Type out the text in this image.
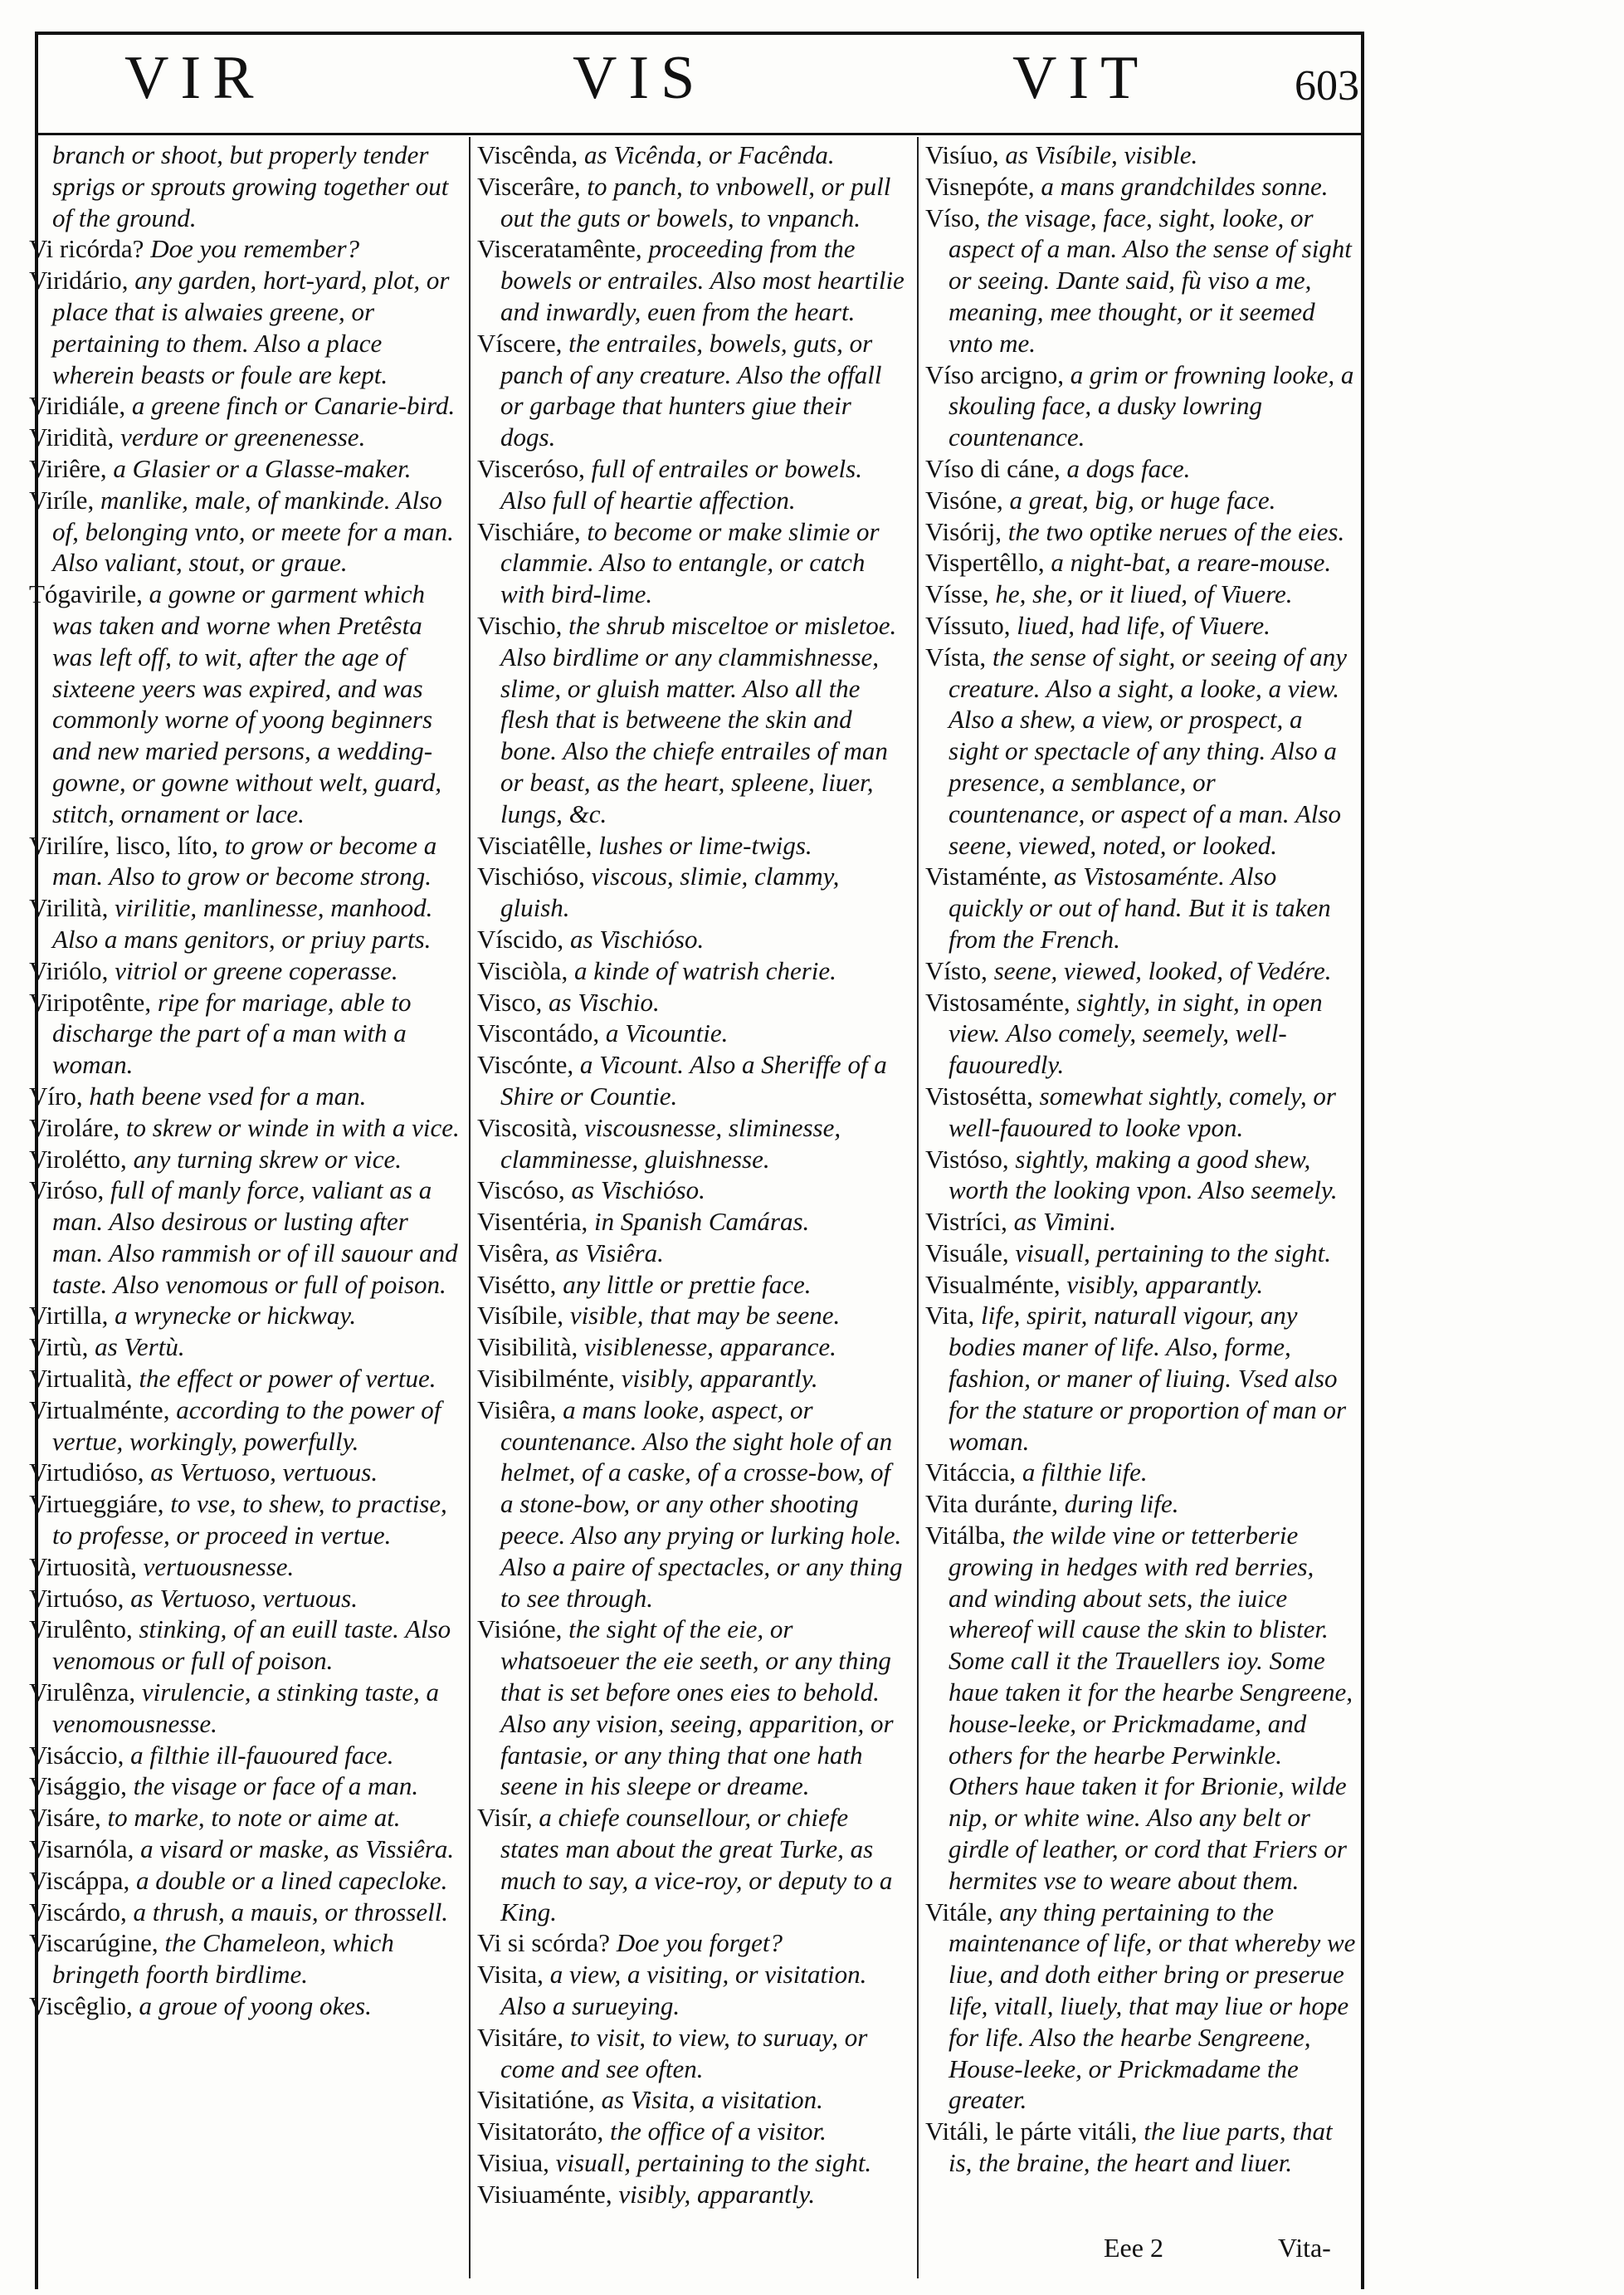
VIR	VIS	VIT	603

branch or shoot, but properly tender sprigs or sprouts growing together out of the ground.

Vi ricórda? Doe you remember?

Viridário, any garden, hort-yard, plot, or place that is alwaies greene, or pertaining to them. Also a place wherein beasts or foule are kept.

Viridiále, a greene finch or Canarie-bird.

Viridità, verdure or greenenesse.

Viriêre, a Glasier or a Glasse-maker.

Viríle, manlike, male, of mankinde. Also of, belonging vnto, or meete for a man. Also valiant, stout, or graue.

Tógavirile, a gowne or garment which was taken and worne when Pretêsta was left off, to wit, after the age of sixteene yeers was expired, and was commonly worne of yoong beginners and new maried persons, a wedding-gowne, or gowne without welt, guard, stitch, ornament or lace.

Virilíre, lisco, líto, to grow or become a man. Also to grow or become strong.

Virilità, virilitie, manlinesse, manhood. Also a mans genitors, or priuy parts.

Viriólo, vitriol or greene coperasse.

Viripotênte, ripe for mariage, able to discharge the part of a man with a woman.

Víro, hath beene vsed for a man.

Viroláre, to skrew or winde in with a vice.

Virolétto, any turning skrew or vice.

Viróso, full of manly force, valiant as a man. Also desirous or lusting after man. Also rammish or of ill sauour and taste. Also venomous or full of poison.

Virtilla, a wrynecke or hickway.

Virtù, as Vertù.

Virtualità, the effect or power of vertue.

Virtualménte, according to the power of vertue, workingly, powerfully.

Virtudióso, as Vertuoso, vertuous.

Virtueggiáre, to vse, to shew, to practise, to professe, or proceed in vertue.

Virtuosità, vertuousnesse.

Virtuóso, as Vertuoso, vertuous.

Virulênto, stinking, of an euill taste. Also venomous or full of poison.

Virulênza, virulencie, a stinking taste, a venomousnesse.

Visáccio, a filthie ill-fauoured face.

Visággio, the visage or face of a man.

Visáre, to marke, to note or aime at.

Visarnóla, a visard or maske, as Vissiêra.

Viscáppa, a double or a lined capecloke.

Viscárdo, a thrush, a mauis, or throssell.

Viscarúgine, the Chameleon, which bringeth foorth birdlime.

Viscêglio, a groue of yoong okes.

Viscênda, as Vicênda, or Facênda.

Viscerâre, to panch, to vnbowell, or pull out the guts or bowels, to vnpanch.

Visceratamênte, proceeding from the bowels or entrailes. Also most heartilie and inwardly, euen from the heart.

Víscere, the entrailes, bowels, guts, or panch of any creature. Also the offall or garbage that hunters giue their dogs.

Visceróso, full of entrailes or bowels. Also full of heartie affection.

Vischiáre, to become or make slimie or clammie. Also to entangle, or catch with bird-lime.

Vischio, the shrub misceltoe or misletoe. Also birdlime or any clammishnesse, slime, or gluish matter. Also all the flesh that is betweene the skin and bone. Also the chiefe entrailes of man or beast, as the heart, spleene, liuer, lungs, &c.

Visciatêlle, lushes or lime-twigs.

Vischióso, viscous, slimie, clammy, gluish.

Víscido, as Vischióso.

Visciòla, a kinde of watrish cherie.

Visco, as Vischio.

Viscontádo, a Vicountie.

Viscónte, a Vicount. Also a Sheriffe of a Shire or Countie.

Viscosità, viscousnesse, sliminesse, clamminesse, gluishnesse.

Viscóso, as Vischióso.

Visentéria, in Spanish Camáras.

Visêra, as Visiêra.

Visétto, any little or prettie face.

Visíbile, visible, that may be seene.

Visibilità, visiblenesse, apparance.

Visibilménte, visibly, apparantly.

Visiêra, a mans looke, aspect, or countenance. Also the sight hole of an helmet, of a caske, of a crosse-bow, of a stone-bow, or any other shooting peece. Also any prying or lurking hole. Also a paire of spectacles, or any thing to see through.

Visióne, the sight of the eie, or whatsoeuer the eie seeth, or any thing that is set before ones eies to behold. Also any vision, seeing, apparition, or fantasie, or any thing that one hath seene in his sleepe or dreame.

Visír, a chiefe counsellour, or chiefe states man about the great Turke, as much to say, a vice-roy, or deputy to a King.

Vi si scórda? Doe you forget?

Visita, a view, a visiting, or visitation. Also a surueying.

Visitáre, to visit, to view, to suruay, or come and see often.

Visitatióne, as Visita, a visitation.

Visitatoráto, the office of a visitor.

Visiua, visuall, pertaining to the sight.

Visiuaménte, visibly, apparantly.

Visíuo, as Visíbile, visible.

Visnepóte, a mans grandchildes sonne.

Víso, the visage, face, sight, looke, or aspect of a man. Also the sense of sight or seeing. Dante said, fù viso a me, meaning, mee thought, or it seemed vnto me.

Víso arcigno, a grim or frowning looke, a skouling face, a dusky lowring countenance.

Víso di cáne, a dogs face.

Visóne, a great, big, or huge face.

Visórij, the two optike nerues of the eies.

Vispertêllo, a night-bat, a reare-mouse.

Vísse, he, she, or it liued, of Viuere.

Víssuto, liued, had life, of Viuere.

Vísta, the sense of sight, or seeing of any creature. Also a sight, a looke, a view. Also a shew, a view, or prospect, a sight or spectacle of any thing. Also a presence, a semblance, or countenance, or aspect of a man. Also seene, viewed, noted, or looked.

Vistaménte, as Vistosaménte. Also quickly or out of hand. But it is taken from the French.

Vísto, seene, viewed, looked, of Vedére.

Vistosaménte, sightly, in sight, in open view. Also comely, seemely, well-fauouredly.

Vistosétta, somewhat sightly, comely, or well-fauoured to looke vpon.

Vistóso, sightly, making a good shew, worth the looking vpon. Also seemely.

Vistríci, as Vimini.

Visuále, visuall, pertaining to the sight.

Visualménte, visibly, apparantly.

Vita, life, spirit, naturall vigour, any bodies maner of life. Also, forme, fashion, or maner of liuing. Vsed also for the stature or proportion of man or woman.

Vitáccia, a filthie life.

Vita duránte, during life.

Vitálba, the wilde vine or tetterberie growing in hedges with red berries, and winding about sets, the iuice whereof will cause the skin to blister. Some call it the Trauellers ioy. Some haue taken it for the hearbe Sengreene, house-leeke, or Prickmadame, and others for the hearbe Perwinkle. Others haue taken it for Brionie, wilde nip, or white wine. Also any belt or girdle of leather, or cord that Friers or hermites vse to weare about them.

Vitále, any thing pertaining to the maintenance of life, or that whereby we liue, and doth either bring or preserue life, vitall, liuely, that may liue or hope for life. Also the hearbe Sengreene, House-leeke, or Prickmadame the greater.

Vitáli, le párte vitáli, the liue parts, that is, the braine, the heart and liuer.

Eee 2	Vita-
